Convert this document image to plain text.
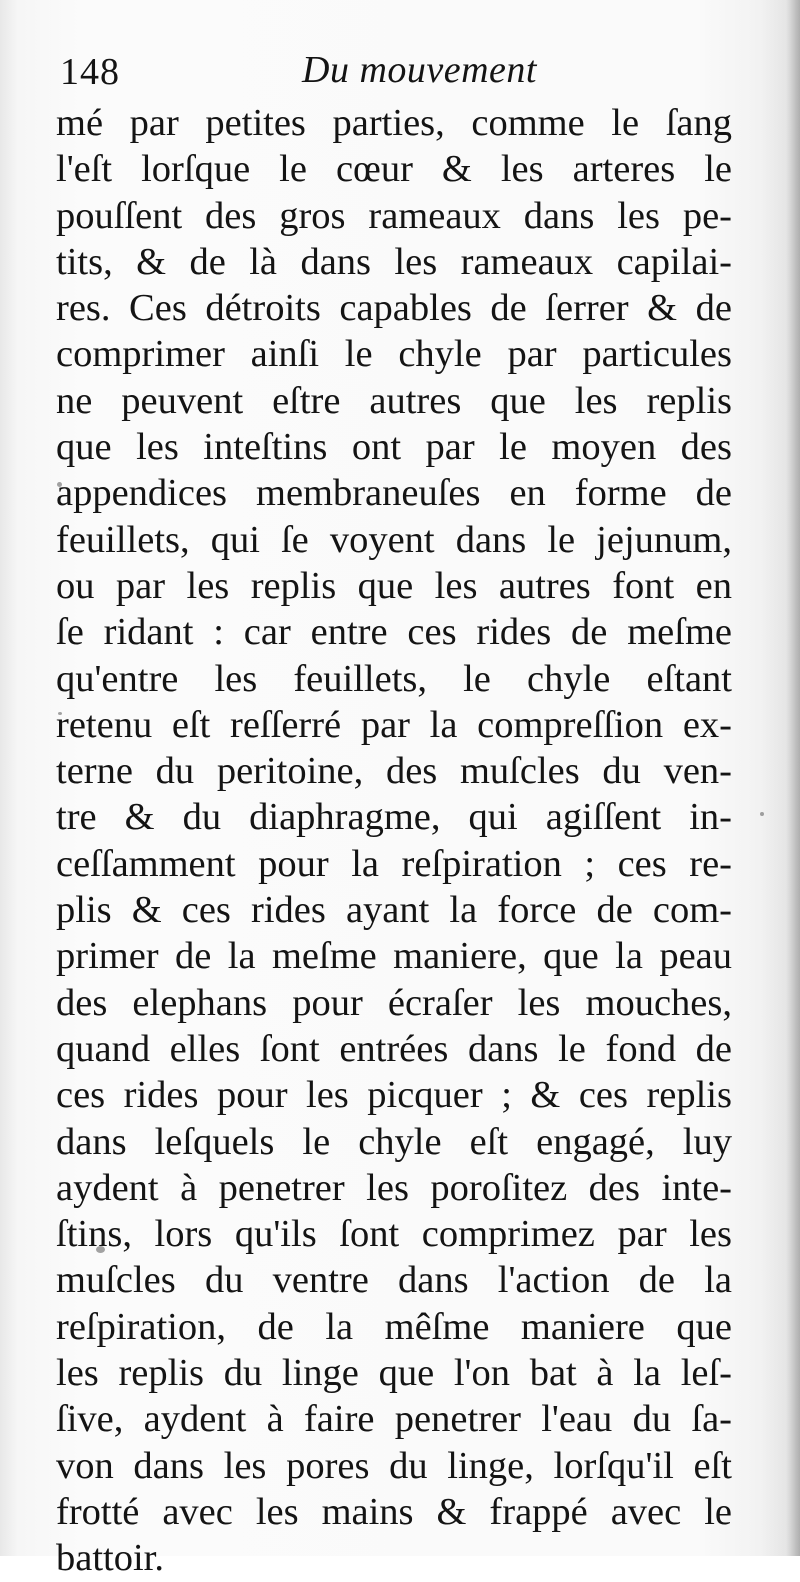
148	Du mouvement
mé par petites parties, comme le ſang
l'eſt lorſque le cœur & les arteres le
pouſſent des gros rameaux dans les pe-
tits, & de là dans les rameaux capilai-
res. Ces détroits capables de ſerrer & de
comprimer ainſi le chyle par particules
ne peuvent eſtre autres que les replis
que les inteſtins ont par le moyen des
appendices membraneuſes en forme de
feuillets, qui ſe voyent dans le jejunum,
ou par les replis que les autres font en
ſe ridant : car entre ces rides de meſme
qu'entre les feuillets, le chyle eſtant
retenu eſt reſſerré par la compreſſion ex-
terne du peritoine, des muſcles du ven-
tre & du diaphragme, qui agiſſent in-
ceſſamment pour la reſpiration ; ces re-
plis & ces rides ayant la force de com-
primer de la meſme maniere, que la peau
des elephans pour écraſer les mouches,
quand elles ſont entrées dans le fond de
ces rides pour les picquer ; & ces replis
dans leſquels le chyle eſt engagé, luy
aydent à penetrer les poroſitez des inte-
ſtins, lors qu'ils ſont comprimez par les
muſcles du ventre dans l'action de la
reſpiration, de la mêſme maniere que
les replis du linge que l'on bat à la leſ-
ſive, aydent à faire penetrer l'eau du ſa-
von dans les pores du linge, lorſqu'il eſt
frotté avec les mains & frappé avec le
battoir.
